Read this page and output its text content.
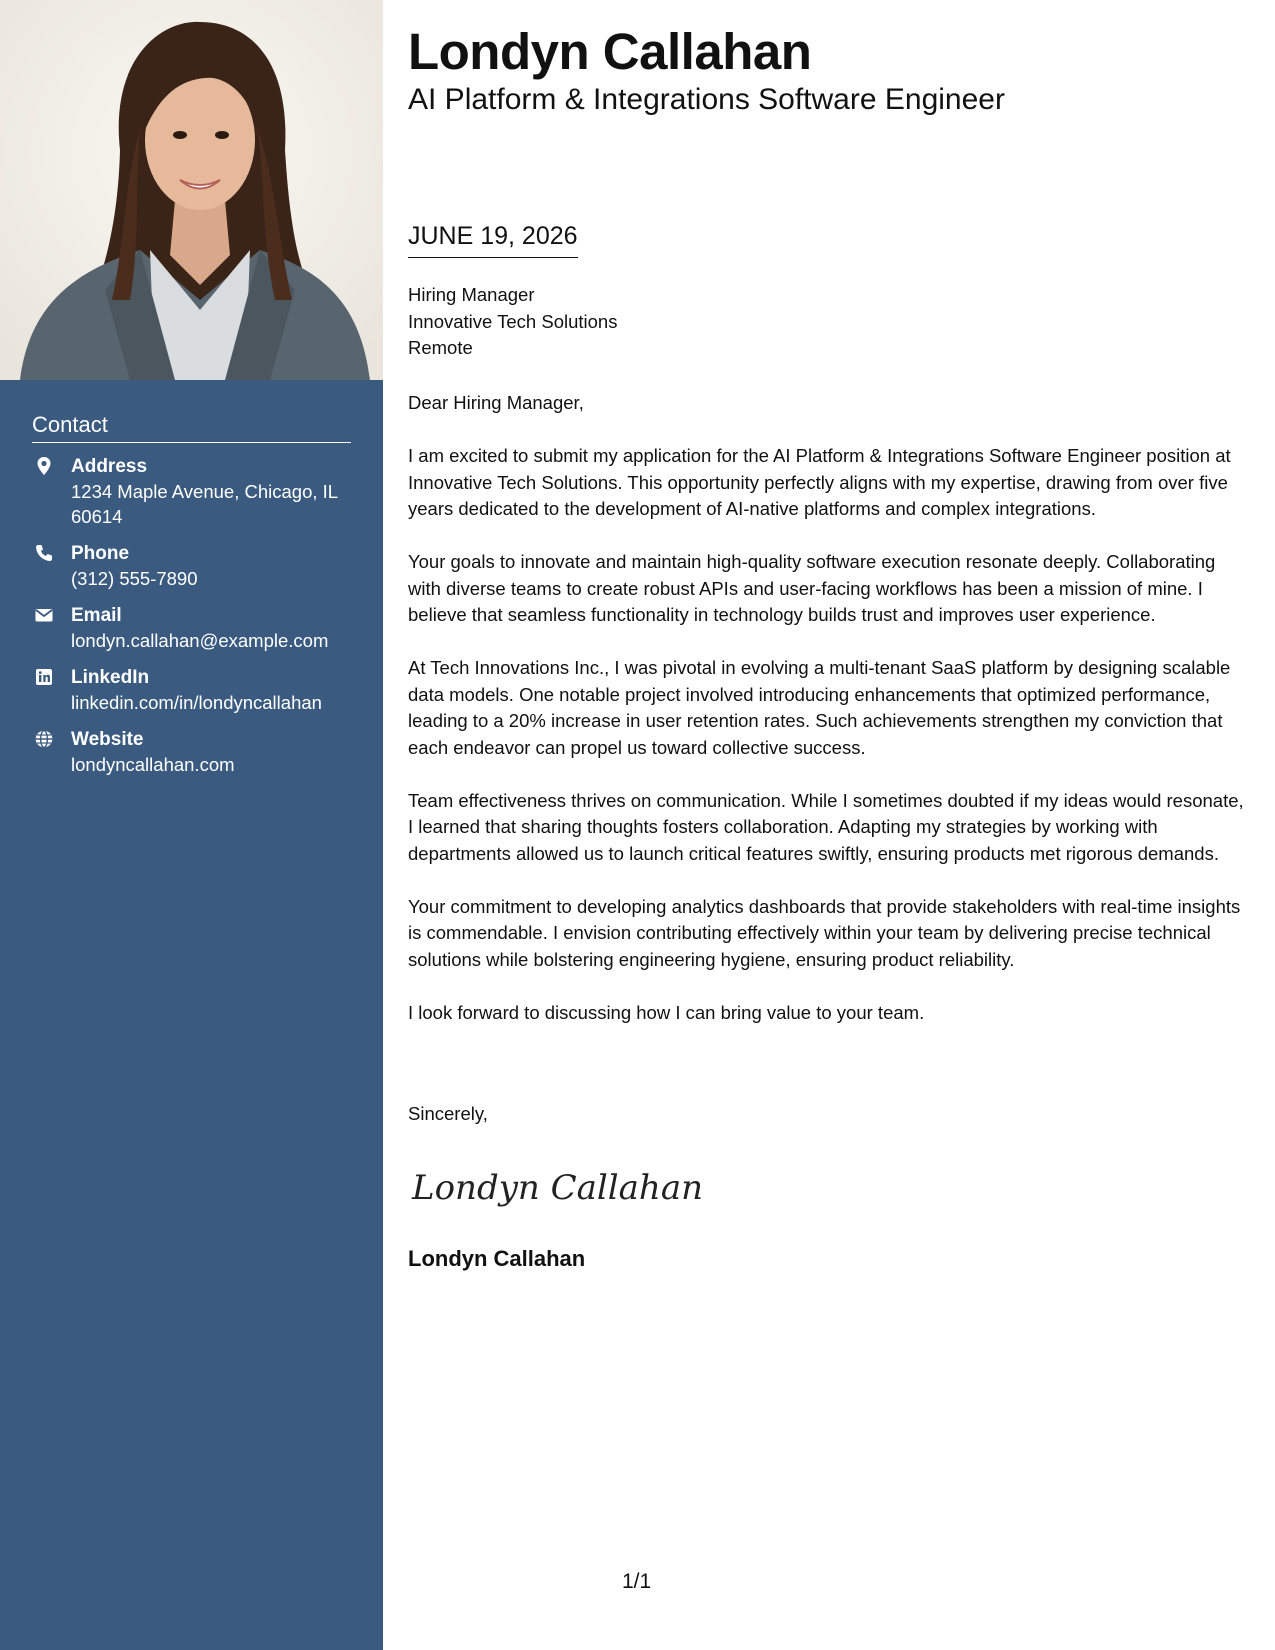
Contact
Address
1234 Maple Avenue, Chicago, IL 60614
Phone
(312) 555-7890
Email
londyn.callahan@example.com
LinkedIn
linkedin.com/in/londyncallahan
Website
londyncallahan.com
Londyn Callahan
AI Platform & Integrations Software Engineer
JUNE 19, 2026
Hiring Manager
Innovative Tech Solutions
Remote

Dear Hiring Manager,

I am excited to submit my application for the AI Platform & Integrations Software Engineer position at Innovative Tech Solutions. This opportunity perfectly aligns with my expertise, drawing from over five years dedicated to the development of AI-native platforms and complex integrations.

Your goals to innovate and maintain high-quality software execution resonate deeply. Collaborating with diverse teams to create robust APIs and user-facing workflows has been a mission of mine. I believe that seamless functionality in technology builds trust and improves user experience.

At Tech Innovations Inc., I was pivotal in evolving a multi-tenant SaaS platform by designing scalable data models. One notable project involved introducing enhancements that optimized performance, leading to a 20% increase in user retention rates. Such achievements strengthen my conviction that each endeavor can propel us toward collective success.

Team effectiveness thrives on communication. While I sometimes doubted if my ideas would resonate, I learned that sharing thoughts fosters collaboration. Adapting my strategies by working with departments allowed us to launch critical features swiftly, ensuring products met rigorous demands.

Your commitment to developing analytics dashboards that provide stakeholders with real-time insights is commendable. I envision contributing effectively within your team by delivering precise technical solutions while bolstering engineering hygiene, ensuring product reliability.

I look forward to discussing how I can bring value to your team.

Sincerely,
Londyn Callahan
Londyn Callahan
1/1
